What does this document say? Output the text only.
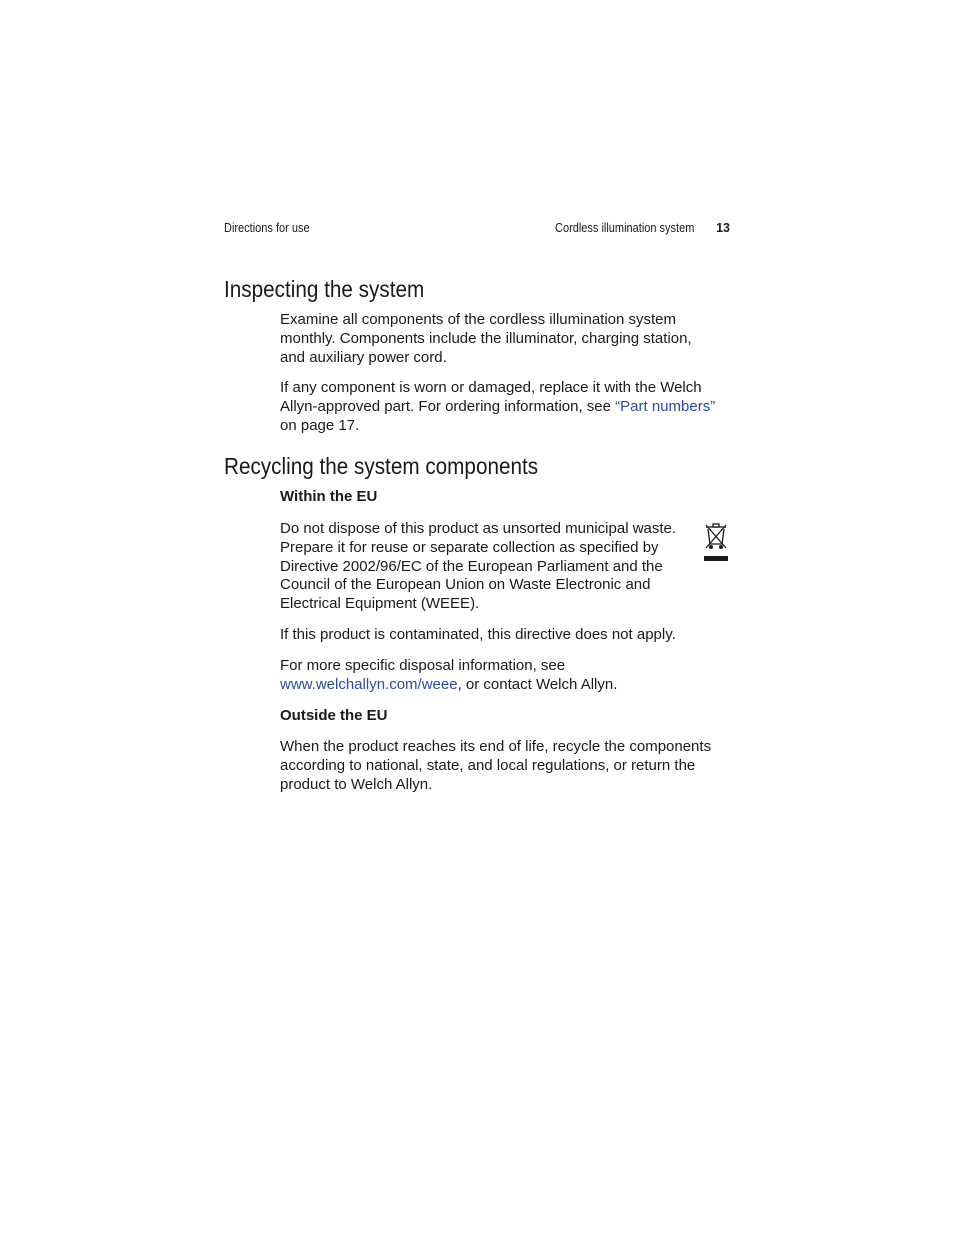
Directions for use	Cordless illumination system 13
Inspecting the system

Examine all components of the cordless illumination system monthly. Components include the illuminator, charging station, and auxiliary power cord.

If any component is worn or damaged, replace it with the Welch Allyn-approved part. For ordering information, see “Part numbers” on page 17.

Recycling the system components
Within the EU

Do not dispose of this product as unsorted municipal waste. Prepare it for reuse or separate collection as specified by Directive 2002/96/EC of the European Parliament and the Council of the European Union on Waste Electronic and Electrical Equipment (WEEE).

If this product is contaminated, this directive does not apply.

For more specific disposal information, see
www.welchallyn.com/weee, or contact Welch Allyn.

Outside the EU

When the product reaches its end of life, recycle the components according to national, state, and local regulations, or return the product to Welch Allyn.
